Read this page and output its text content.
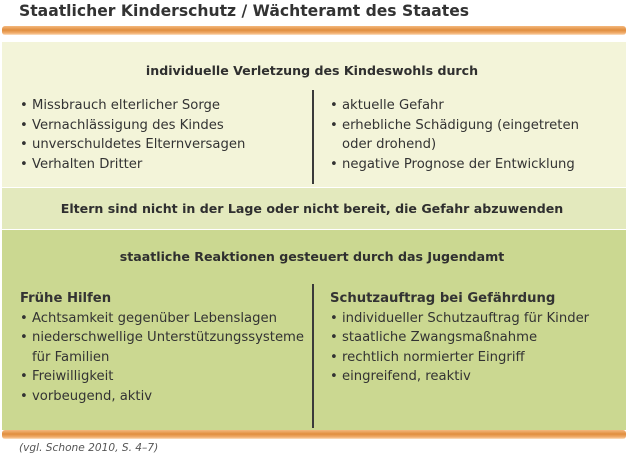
Staatlicher Kinderschutz / Wächteramt des Staates
individuelle Verletzung des Kindeswohls durch
• Missbrauch elterlicher Sorge
• Vernachlässigung des Kindes
• unverschuldetes Elternversagen
• Verhalten Dritter
• aktuelle Gefahr
• erhebliche Schädigung (eingetreten
oder drohend)
• negative Prognose der Entwicklung
Eltern sind nicht in der Lage oder nicht bereit, die Gefahr abzuwenden
staatliche Reaktionen gesteuert durch das Jugendamt
Frühe Hilfen
• Achtsamkeit gegenüber Lebenslagen
• niederschwellige Unterstützungssysteme
für Familien
• Freiwilligkeit
• vorbeugend, aktiv
Schutzauftrag bei Gefährdung
• individueller Schutzauftrag für Kinder
• staatliche Zwangsmaßnahme
• rechtlich normierter Eingriff
• eingreifend, reaktiv
(vgl. Schone 2010, S. 4–7)
